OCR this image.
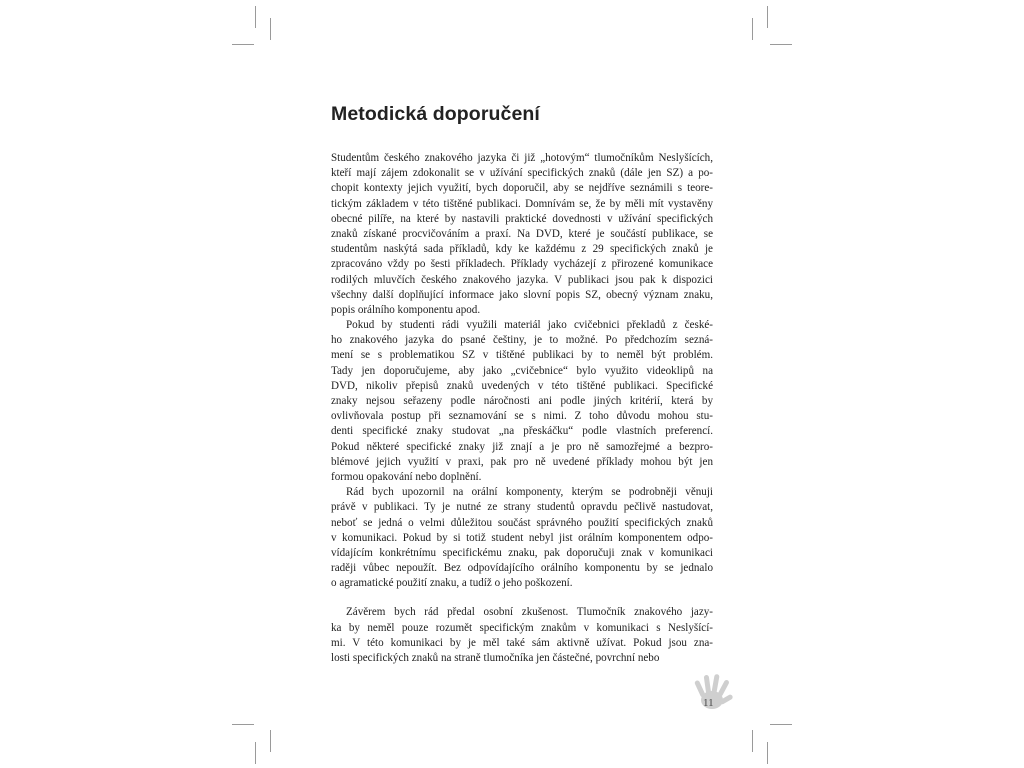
Metodická doporučení
Studentům českého znakového jazyka či již „hotovým“ tlumočníkům Neslyšících,
kteří mají zájem zdokonalit se v užívání specifických znaků (dále jen SZ) a po-
chopit kontexty jejich využití, bych doporučil, aby se nejdříve seznámili s teore-
tickým základem v této tištěné publikaci. Domnívám se, že by měli mít vystavěny
obecné pilíře, na které by nastavili praktické dovednosti v užívání specifických
znaků získané procvičováním a praxí. Na DVD, které je součástí publikace, se
studentům naskýtá sada příkladů, kdy ke každému z 29 specifických znaků je
zpracováno vždy po šesti příkladech. Příklady vycházejí z přirozené komunikace
rodilých mluvčích českého znakového jazyka. V publikaci jsou pak k dispozici
všechny další doplňující informace jako slovní popis SZ, obecný význam znaku,
popis orálního komponentu apod.
Pokud by studenti rádi využili materiál jako cvičebnici překladů z české-
ho znakového jazyka do psané češtiny, je to možné. Po předchozím sezná-
mení se s problematikou SZ v tištěné publikaci by to neměl být problém.
Tady jen doporučujeme, aby jako „cvičebnice“ bylo využito videoklipů na
DVD, nikoliv přepisů znaků uvedených v této tištěné publikaci. Specifické
znaky nejsou seřazeny podle náročnosti ani podle jiných kritérií, která by
ovlivňovala postup při seznamování se s nimi. Z toho důvodu mohou stu-
denti specifické znaky studovat „na přeskáčku“ podle vlastních preferencí.
Pokud některé specifické znaky již znají a je pro ně samozřejmé a bezpro-
blémové jejich využití v praxi, pak pro ně uvedené příklady mohou být jen
formou opakování nebo doplnění.
Rád bych upozornil na orální komponenty, kterým se podrobněji věnuji
právě v publikaci. Ty je nutné ze strany studentů opravdu pečlivě nastudovat,
neboť se jedná o velmi důležitou součást správného použití specifických znaků
v komunikaci. Pokud by si totiž student nebyl jist orálním komponentem odpo-
vídajícím konkrétnímu specifickému znaku, pak doporučuji znak v komunikaci
raději vůbec nepoužít. Bez odpovídajícího orálního komponentu by se jednalo
o agramatické použití znaku, a tudíž o jeho poškození.
Závěrem bych rád předal osobní zkušenost. Tlumočník znakového jazy-
ka by neměl pouze rozumět specifickým znakům v komunikaci s Neslyšící-
mi. V této komunikaci by je měl také sám aktivně užívat. Pokud jsou zna-
losti specifických znaků na straně tlumočníka jen částečné, povrchní nebo
11
